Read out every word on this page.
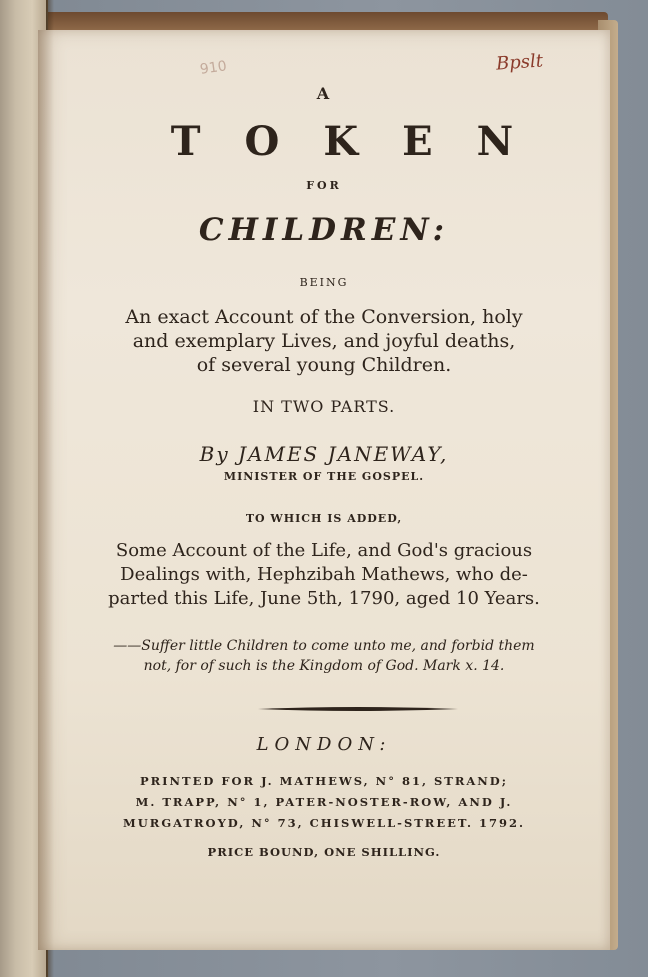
Bpslt
910
A
TOKEN
FOR
CHILDREN:
BEING
An exact Account of the Conversion, holy
and exemplary Lives, and joyful deaths,
of several young Children.
IN TWO PARTS.
By JAMES JANEWAY,
MINISTER OF THE GOSPEL.
TO WHICH IS ADDED,
Some Account of the Life, and God's gracious
Dealings with, Hephzibah Mathews, who de-
parted this Life, June 5th, 1790, aged 10 Years.
——Suffer little Children to come unto me, and forbid them
not, for of such is the Kingdom of God. Mark x. 14.
LONDON:
PRINTED FOR J. MATHEWS, N° 81, STRAND;
M. TRAPP, N° 1, PATER-NOSTER-ROW, AND J.
MURGATROYD, N° 73, CHISWELL-STREET. 1792.
PRICE BOUND, ONE SHILLING.
